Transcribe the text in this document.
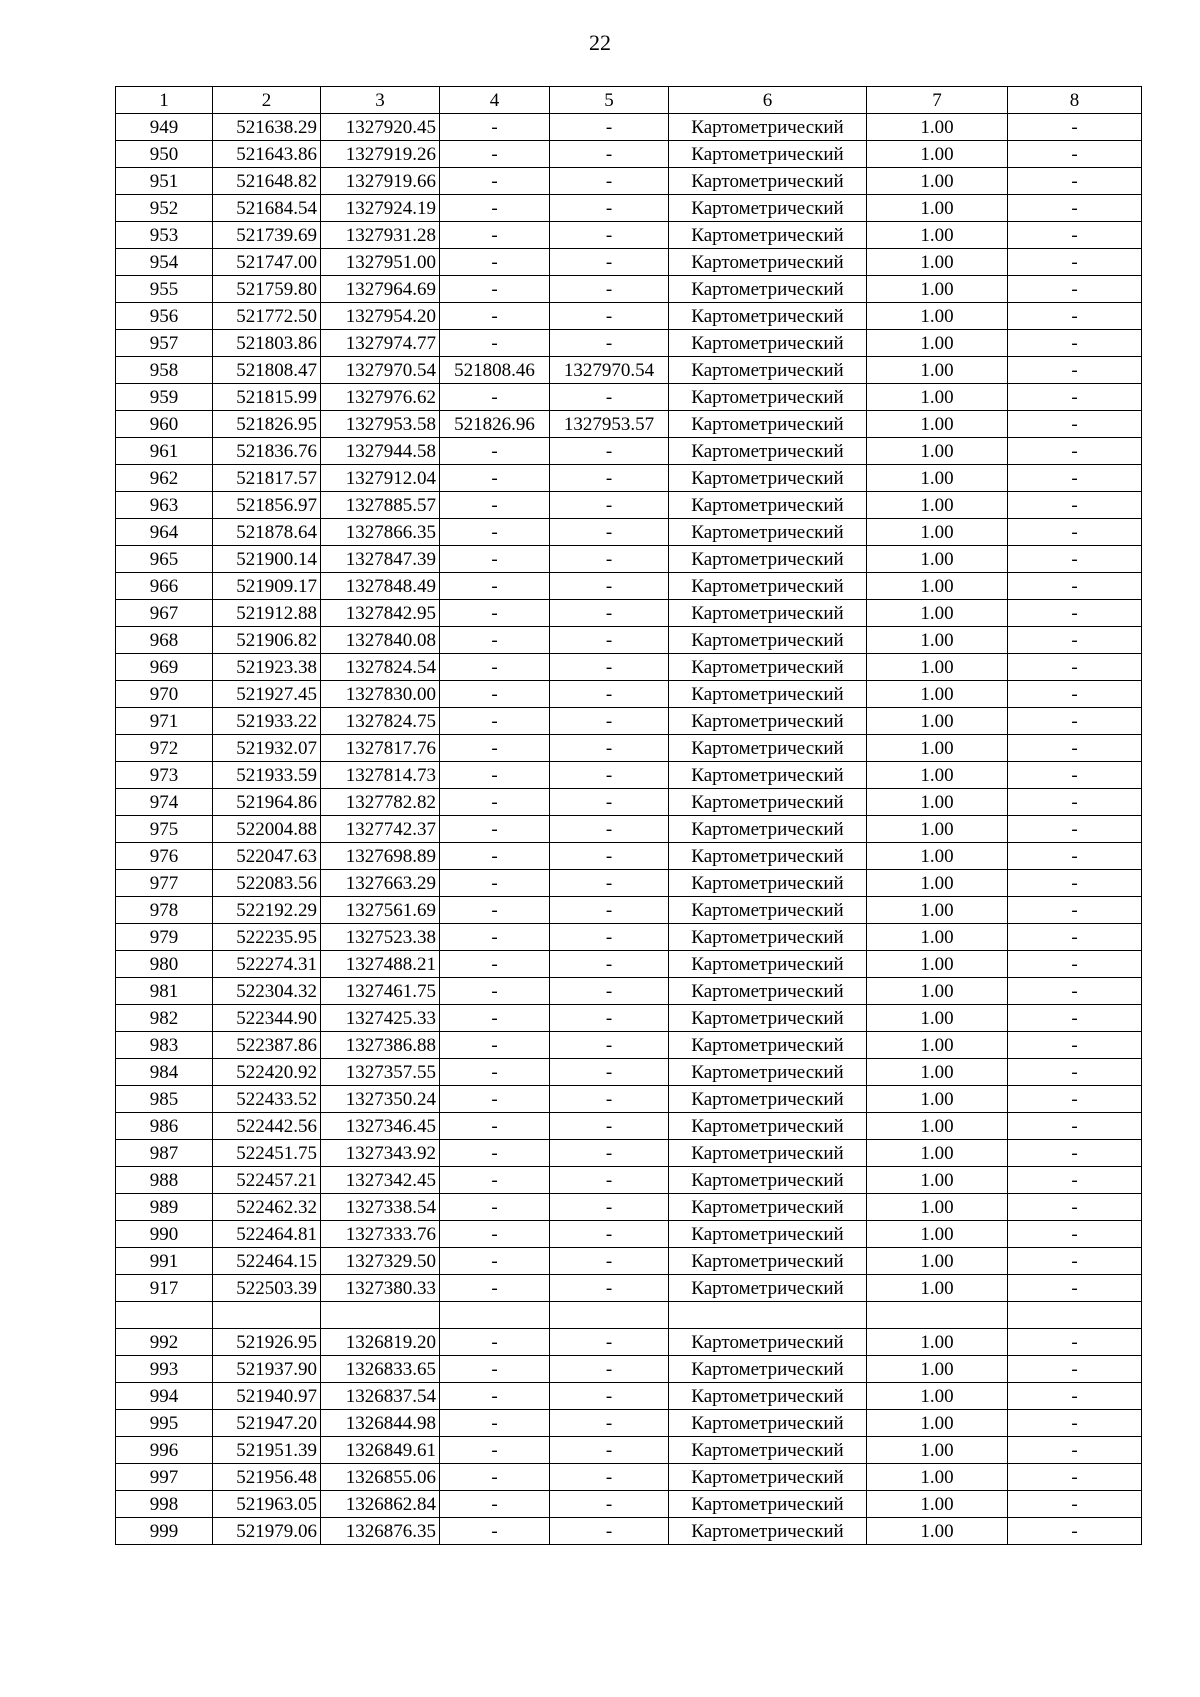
22
1	2	3	4	5	6	7	8
949	521638.29	1327920.45	-	-	Картометрический	1.00	-
950	521643.86	1327919.26	-	-	Картометрический	1.00	-
951	521648.82	1327919.66	-	-	Картометрический	1.00	-
952	521684.54	1327924.19	-	-	Картометрический	1.00	-
953	521739.69	1327931.28	-	-	Картометрический	1.00	-
954	521747.00	1327951.00	-	-	Картометрический	1.00	-
955	521759.80	1327964.69	-	-	Картометрический	1.00	-
956	521772.50	1327954.20	-	-	Картометрический	1.00	-
957	521803.86	1327974.77	-	-	Картометрический	1.00	-
958	521808.47	1327970.54	521808.46	1327970.54	Картометрический	1.00	-
959	521815.99	1327976.62	-	-	Картометрический	1.00	-
960	521826.95	1327953.58	521826.96	1327953.57	Картометрический	1.00	-
961	521836.76	1327944.58	-	-	Картометрический	1.00	-
962	521817.57	1327912.04	-	-	Картометрический	1.00	-
963	521856.97	1327885.57	-	-	Картометрический	1.00	-
964	521878.64	1327866.35	-	-	Картометрический	1.00	-
965	521900.14	1327847.39	-	-	Картометрический	1.00	-
966	521909.17	1327848.49	-	-	Картометрический	1.00	-
967	521912.88	1327842.95	-	-	Картометрический	1.00	-
968	521906.82	1327840.08	-	-	Картометрический	1.00	-
969	521923.38	1327824.54	-	-	Картометрический	1.00	-
970	521927.45	1327830.00	-	-	Картометрический	1.00	-
971	521933.22	1327824.75	-	-	Картометрический	1.00	-
972	521932.07	1327817.76	-	-	Картометрический	1.00	-
973	521933.59	1327814.73	-	-	Картометрический	1.00	-
974	521964.86	1327782.82	-	-	Картометрический	1.00	-
975	522004.88	1327742.37	-	-	Картометрический	1.00	-
976	522047.63	1327698.89	-	-	Картометрический	1.00	-
977	522083.56	1327663.29	-	-	Картометрический	1.00	-
978	522192.29	1327561.69	-	-	Картометрический	1.00	-
979	522235.95	1327523.38	-	-	Картометрический	1.00	-
980	522274.31	1327488.21	-	-	Картометрический	1.00	-
981	522304.32	1327461.75	-	-	Картометрический	1.00	-
982	522344.90	1327425.33	-	-	Картометрический	1.00	-
983	522387.86	1327386.88	-	-	Картометрический	1.00	-
984	522420.92	1327357.55	-	-	Картометрический	1.00	-
985	522433.52	1327350.24	-	-	Картометрический	1.00	-
986	522442.56	1327346.45	-	-	Картометрический	1.00	-
987	522451.75	1327343.92	-	-	Картометрический	1.00	-
988	522457.21	1327342.45	-	-	Картометрический	1.00	-
989	522462.32	1327338.54	-	-	Картометрический	1.00	-
990	522464.81	1327333.76	-	-	Картометрический	1.00	-
991	522464.15	1327329.50	-	-	Картометрический	1.00	-
917	522503.39	1327380.33	-	-	Картометрический	1.00	-

992	521926.95	1326819.20	-	-	Картометрический	1.00	-
993	521937.90	1326833.65	-	-	Картометрический	1.00	-
994	521940.97	1326837.54	-	-	Картометрический	1.00	-
995	521947.20	1326844.98	-	-	Картометрический	1.00	-
996	521951.39	1326849.61	-	-	Картометрический	1.00	-
997	521956.48	1326855.06	-	-	Картометрический	1.00	-
998	521963.05	1326862.84	-	-	Картометрический	1.00	-
999	521979.06	1326876.35	-	-	Картометрический	1.00	-
